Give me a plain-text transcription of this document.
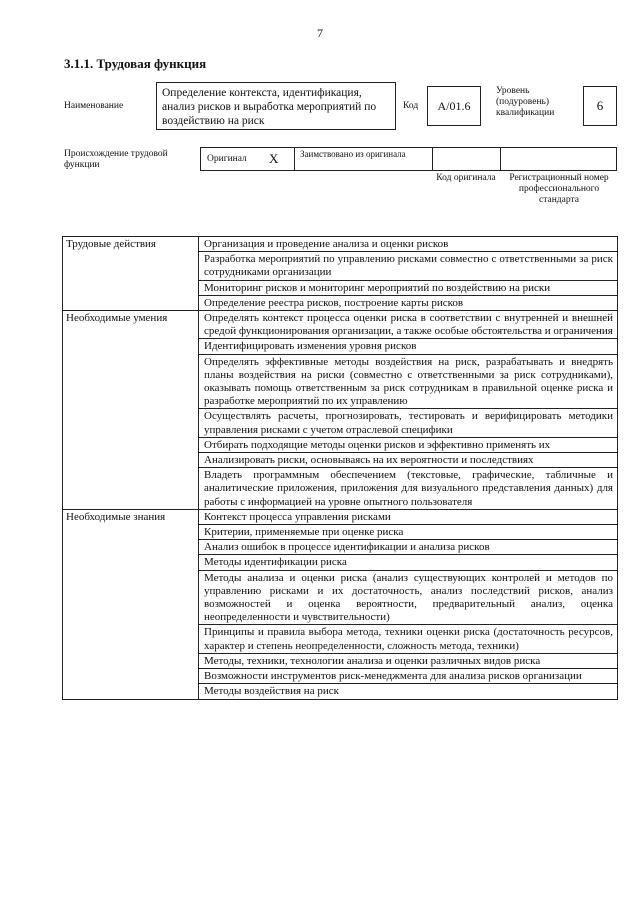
7
3.1.1. Трудовая функция
Наименование
Определение контекста, идентификация, анализ рисков и выработка мероприятий по воздействию на риск
Код	A/01.6
Уровень (подуровень) квалификации	6
Происхождение трудовой функции
Оригинал X Заимствовано из оригинала
Код оригинала	Регистрационный номер профессионального стандарта
Трудовые действия	Организация и проведение анализа и оценки рисков
	Разработка мероприятий по управлению рисками совместно с ответственными за риск сотрудниками организации
	Мониторинг рисков и мониторинг мероприятий по воздействию на риски
	Определение реестра рисков, построение карты рисков
Необходимые умения	Определять контекст процесса оценки риска в соответствии с внутренней и внешней средой функционирования организации, а также особые обстоятельства и ограничения
	Идентифицировать изменения уровня рисков
	Определять эффективные методы воздействия на риск, разрабатывать и внедрять планы воздействия на риски (совместно с ответственными за риск сотрудниками), оказывать помощь ответственным за риск сотрудникам в правильной оценке риска и разработке мероприятий по их управлению
	Осуществлять расчеты, прогнозировать, тестировать и верифицировать методики управления рисками с учетом отраслевой специфики
	Отбирать подходящие методы оценки рисков и эффективно применять их
	Анализировать риски, основываясь на их вероятности и последствиях
	Владеть программным обеспечением (текстовые, графические, табличные и аналитические приложения, приложения для визуального представления данных) для работы с информацией на уровне опытного пользователя
Необходимые знания	Контекст процесса управления рисками
	Критерии, применяемые при оценке риска
	Анализ ошибок в процессе идентификации и анализа рисков
	Методы идентификации риска
	Методы анализа и оценки риска (анализ существующих контролей и методов по управлению рисками и их достаточность, анализ последствий рисков, анализ возможностей и оценка вероятности, предварительный анализ, оценка неопределенности и чувствительности)
	Принципы и правила выбора метода, техники оценки риска (достаточность ресурсов, характер и степень неопределенности, сложность метода, техники)
	Методы, техники, технологии анализа и оценки различных видов риска
	Возможности инструментов риск-менеджмента для анализа рисков организации
	Методы воздействия на риск
